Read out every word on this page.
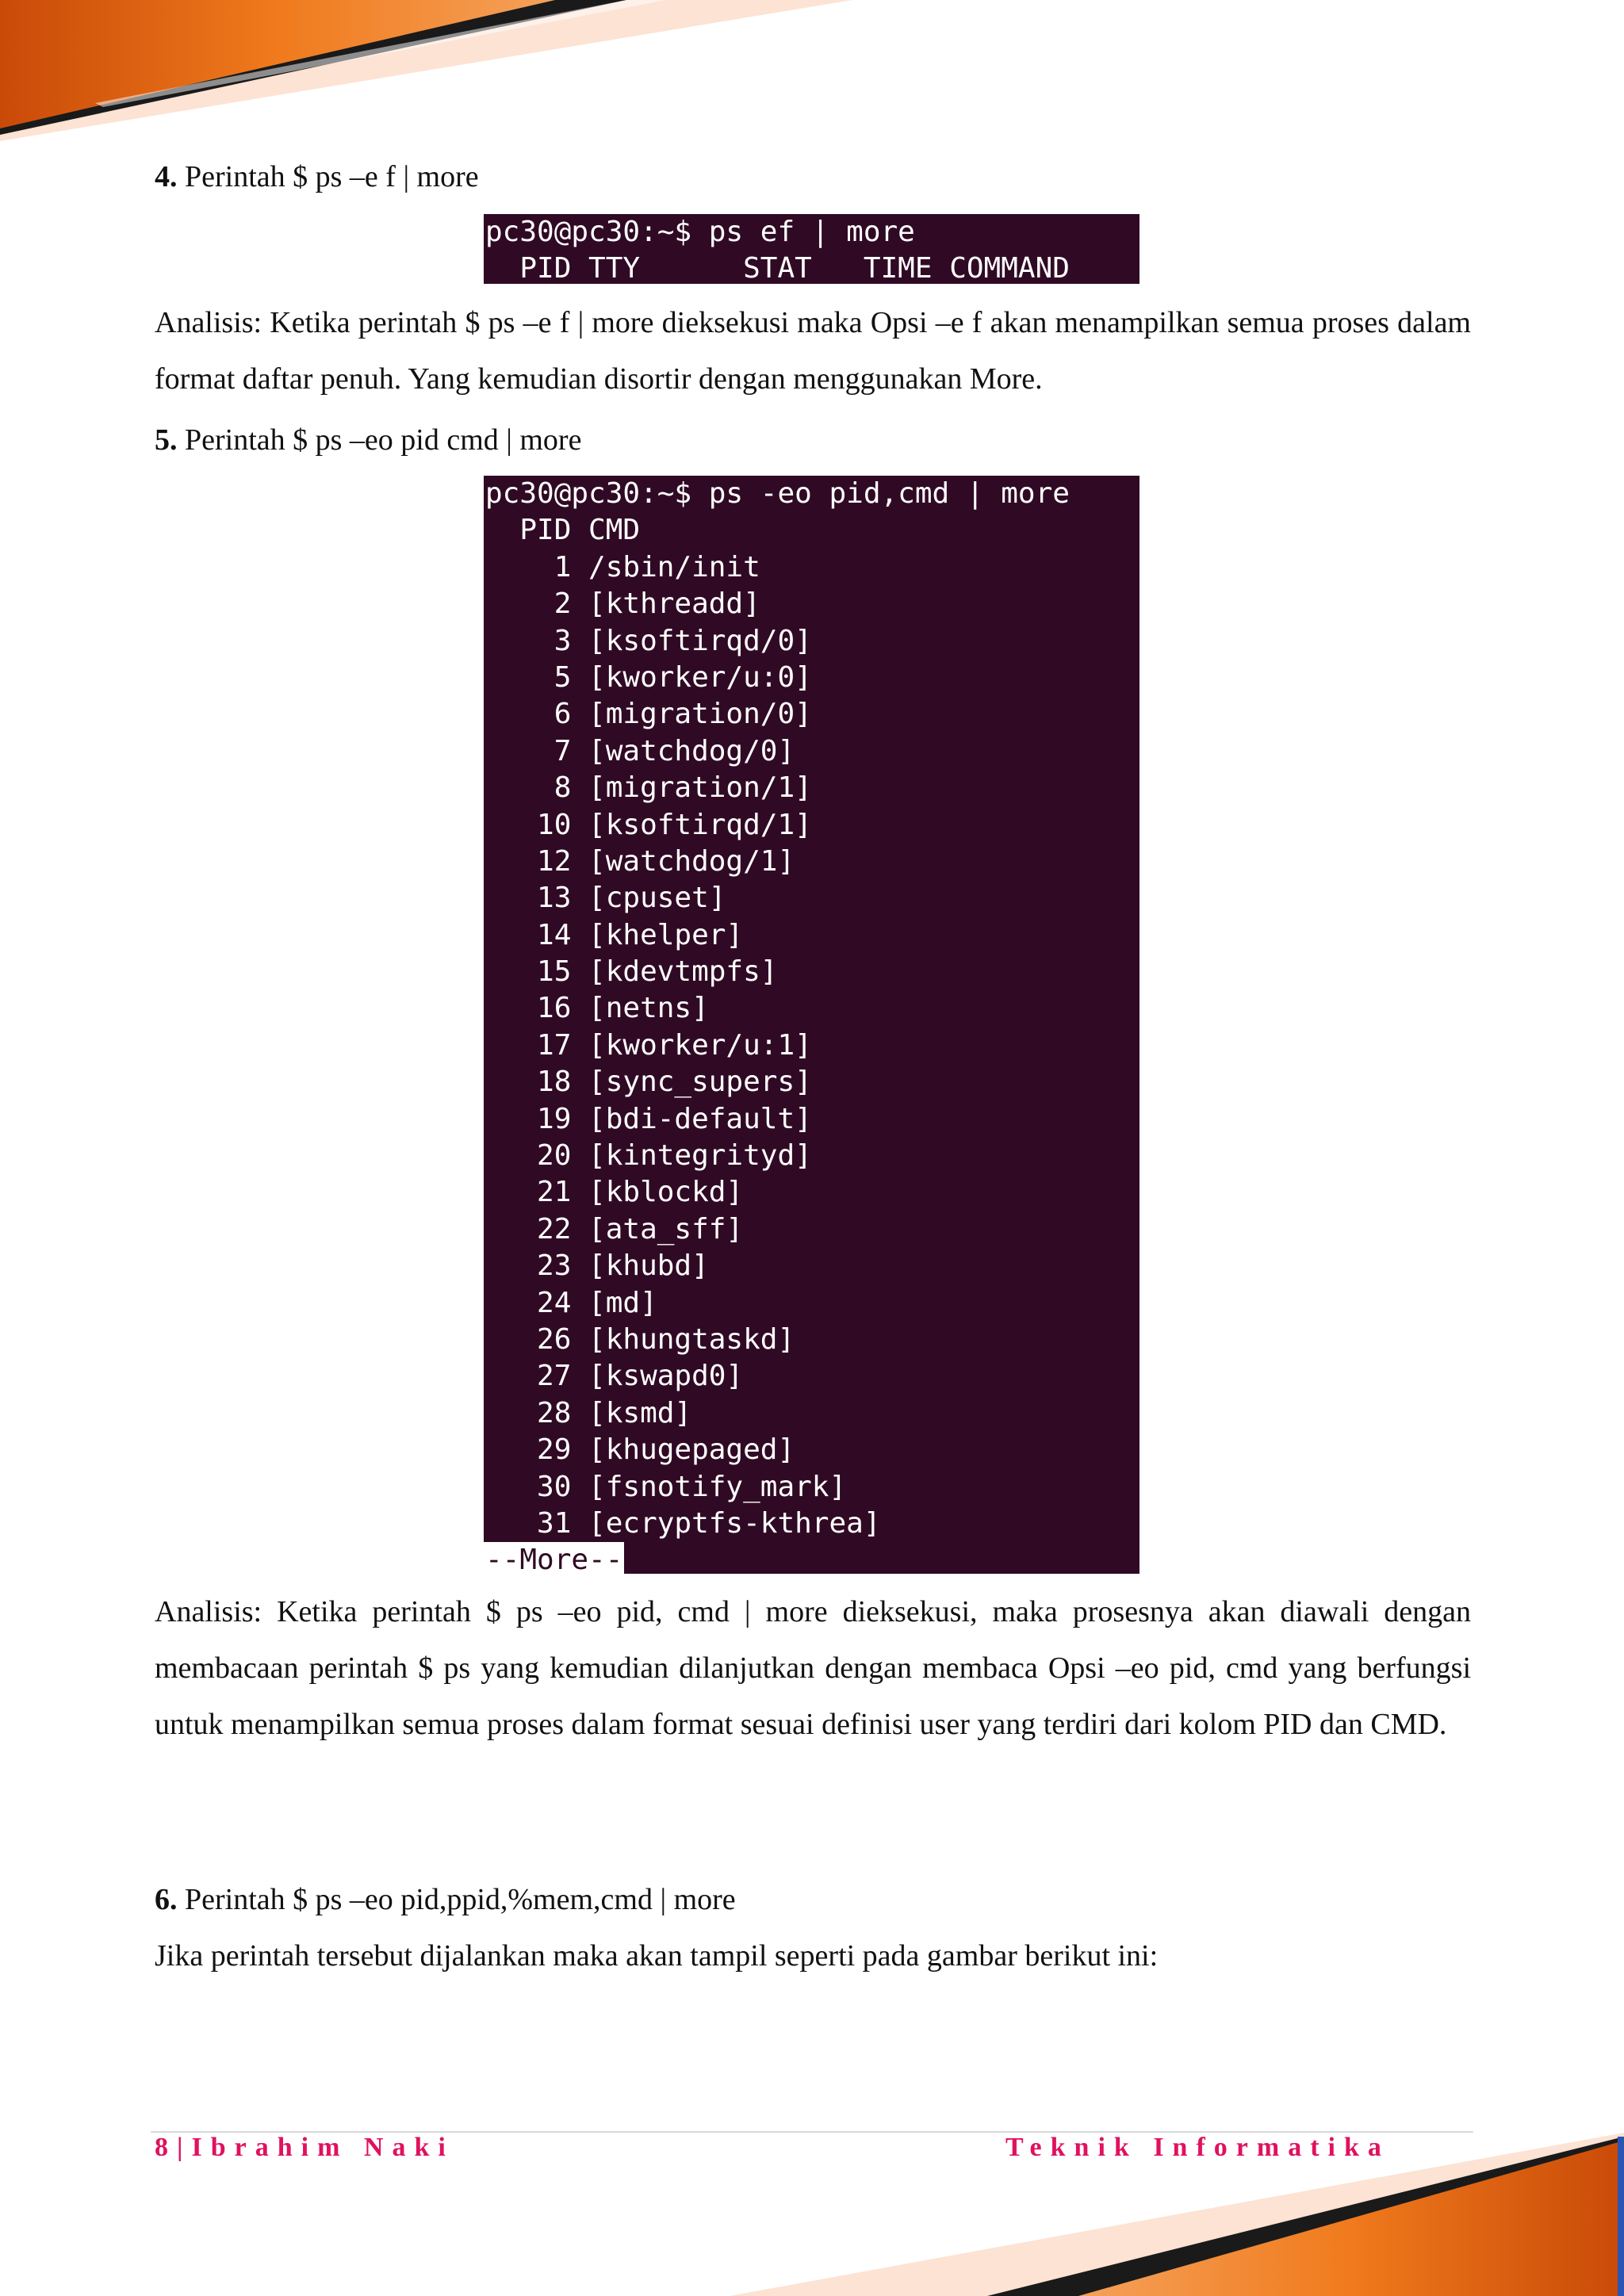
4. Perintah $ ps –e f | more
pc30@pc30:~$ ps ef | more
PID TTY      STAT   TIME COMMAND

Analisis: Ketika perintah $ ps –e f | more dieksekusi maka Opsi –e f akan menampilkan semua proses dalam format daftar penuh. Yang kemudian disortir dengan menggunakan More.

5. Perintah $ ps –eo pid cmd | more
pc30@pc30:~$ ps -eo pid,cmd | more
PID CMD
1 /sbin/init
2 [kthreadd]
3 [ksoftirqd/0]
5 [kworker/u:0]
6 [migration/0]
7 [watchdog/0]
8 [migration/1]
10 [ksoftirqd/1]
12 [watchdog/1]
13 [cpuset]
14 [khelper]
15 [kdevtmpfs]
16 [netns]
17 [kworker/u:1]
18 [sync_supers]
19 [bdi-default]
20 [kintegrityd]
21 [kblockd]
22 [ata_sff]
23 [khubd]
24 [md]
26 [khungtaskd]
27 [kswapd0]
28 [ksmd]
29 [khugepaged]
30 [fsnotify_mark]
31 [ecryptfs-kthrea]
--More--

Analisis: Ketika perintah $ ps –eo pid, cmd | more dieksekusi, maka prosesnya akan diawali dengan membacaan perintah $ ps yang kemudian dilanjutkan dengan membaca Opsi –eo pid, cmd yang berfungsi untuk menampilkan semua proses dalam format sesuai definisi user yang terdiri dari kolom PID dan CMD.

6. Perintah $ ps –eo pid,ppid,%mem,cmd | more
Jika perintah tersebut dijalankan maka akan tampil seperti pada gambar berikut ini:
8|Ibrahim Naki	Teknik Informatika
